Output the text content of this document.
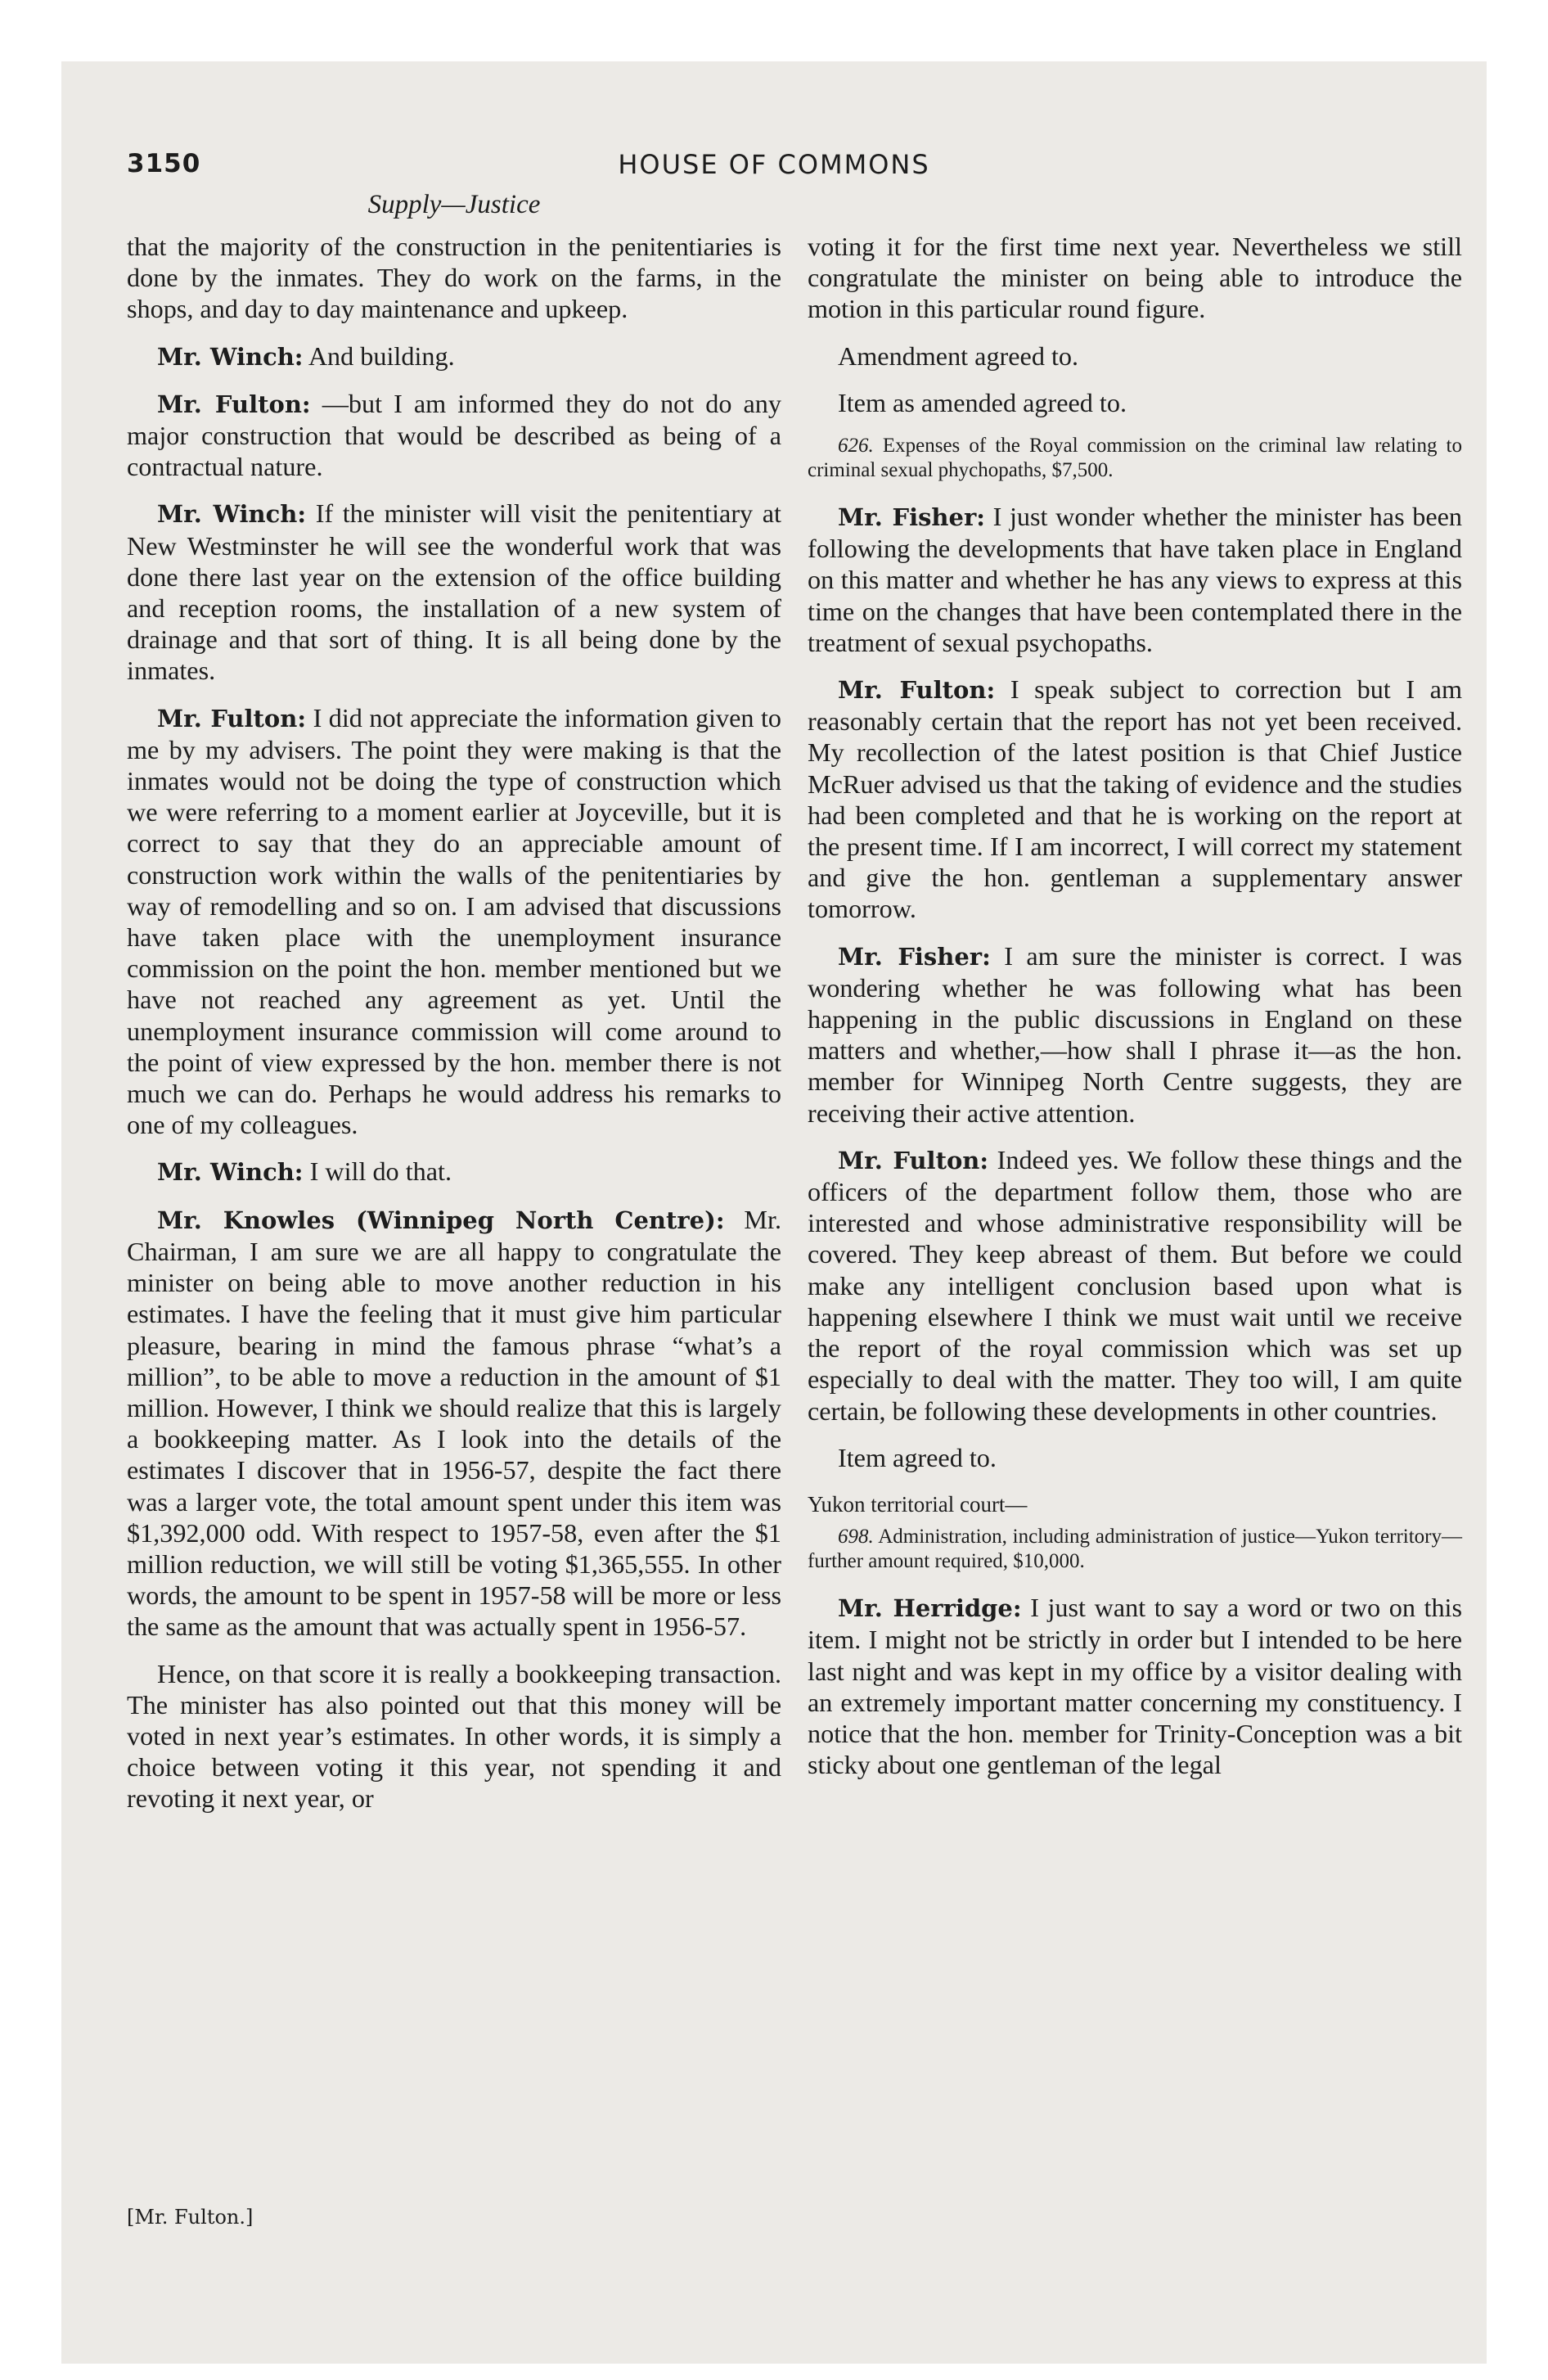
3150	HOUSE OF COMMONS
Supply—Justice

that the majority of the construction in the penitentiaries is done by the inmates. They do work on the farms, in the shops, and day to day maintenance and upkeep.

Mr. Winch: And building.

Mr. Fulton: —but I am informed they do not do any major construction that would be described as being of a contractual nature.

Mr. Winch: If the minister will visit the penitentiary at New Westminster he will see the wonderful work that was done there last year on the extension of the office building and reception rooms, the installation of a new system of drainage and that sort of thing. It is all being done by the inmates.

Mr. Fulton: I did not appreciate the information given to me by my advisers. The point they were making is that the inmates would not be doing the type of construction which we were referring to a moment earlier at Joyceville, but it is correct to say that they do an appreciable amount of construction work within the walls of the penitentiaries by way of remodelling and so on. I am advised that discussions have taken place with the unemployment insurance commission on the point the hon. member mentioned but we have not reached any agreement as yet. Until the unemployment insurance commission will come around to the point of view expressed by the hon. member there is not much we can do. Perhaps he would address his remarks to one of my colleagues.

Mr. Winch: I will do that.

Mr. Knowles (Winnipeg North Centre): Mr. Chairman, I am sure we are all happy to congratulate the minister on being able to move another reduction in his estimates. I have the feeling that it must give him particular pleasure, bearing in mind the famous phrase “what’s a million”, to be able to move a reduction in the amount of $1 million. However, I think we should realize that this is largely a bookkeeping matter. As I look into the details of the estimates I discover that in 1956-57, despite the fact there was a larger vote, the total amount spent under this item was $1,392,000 odd. With respect to 1957-58, even after the $1 million reduction, we will still be voting $1,365,555. In other words, the amount to be spent in 1957-58 will be more or less the same as the amount that was actually spent in 1956-57.

Hence, on that score it is really a bookkeeping transaction. The minister has also pointed out that this money will be voted in next year’s estimates. In other words, it is simply a choice between voting it this year, not spending it and revoting it next year, or

voting it for the first time next year. Nevertheless we still congratulate the minister on being able to introduce the motion in this particular round figure.

Amendment agreed to.

Item as amended agreed to.

626. Expenses of the Royal commission on the criminal law relating to criminal sexual phychopaths, $7,500.

Mr. Fisher: I just wonder whether the minister has been following the developments that have taken place in England on this matter and whether he has any views to express at this time on the changes that have been contemplated there in the treatment of sexual psychopaths.

Mr. Fulton: I speak subject to correction but I am reasonably certain that the report has not yet been received. My recollection of the latest position is that Chief Justice McRuer advised us that the taking of evidence and the studies had been completed and that he is working on the report at the present time. If I am incorrect, I will correct my statement and give the hon. gentleman a supplementary answer tomorrow.

Mr. Fisher: I am sure the minister is correct. I was wondering whether he was following what has been happening in the public discussions in England on these matters and whether,—how shall I phrase it—as the hon. member for Winnipeg North Centre suggests, they are receiving their active attention.

Mr. Fulton: Indeed yes. We follow these things and the officers of the department follow them, those who are interested and whose administrative responsibility will be covered. They keep abreast of them. But before we could make any intelligent conclusion based upon what is happening elsewhere I think we must wait until we receive the report of the royal commission which was set up especially to deal with the matter. They too will, I am quite certain, be following these developments in other countries.

Item agreed to.

Yukon territorial court—

698. Administration, including administration of justice—Yukon territory—further amount required, $10,000.

Mr. Herridge: I just want to say a word or two on this item. I might not be strictly in order but I intended to be here last night and was kept in my office by a visitor dealing with an extremely important matter concerning my constituency. I notice that the hon. member for Trinity-Conception was a bit sticky about one gentleman of the legal

[Mr. Fulton.]
